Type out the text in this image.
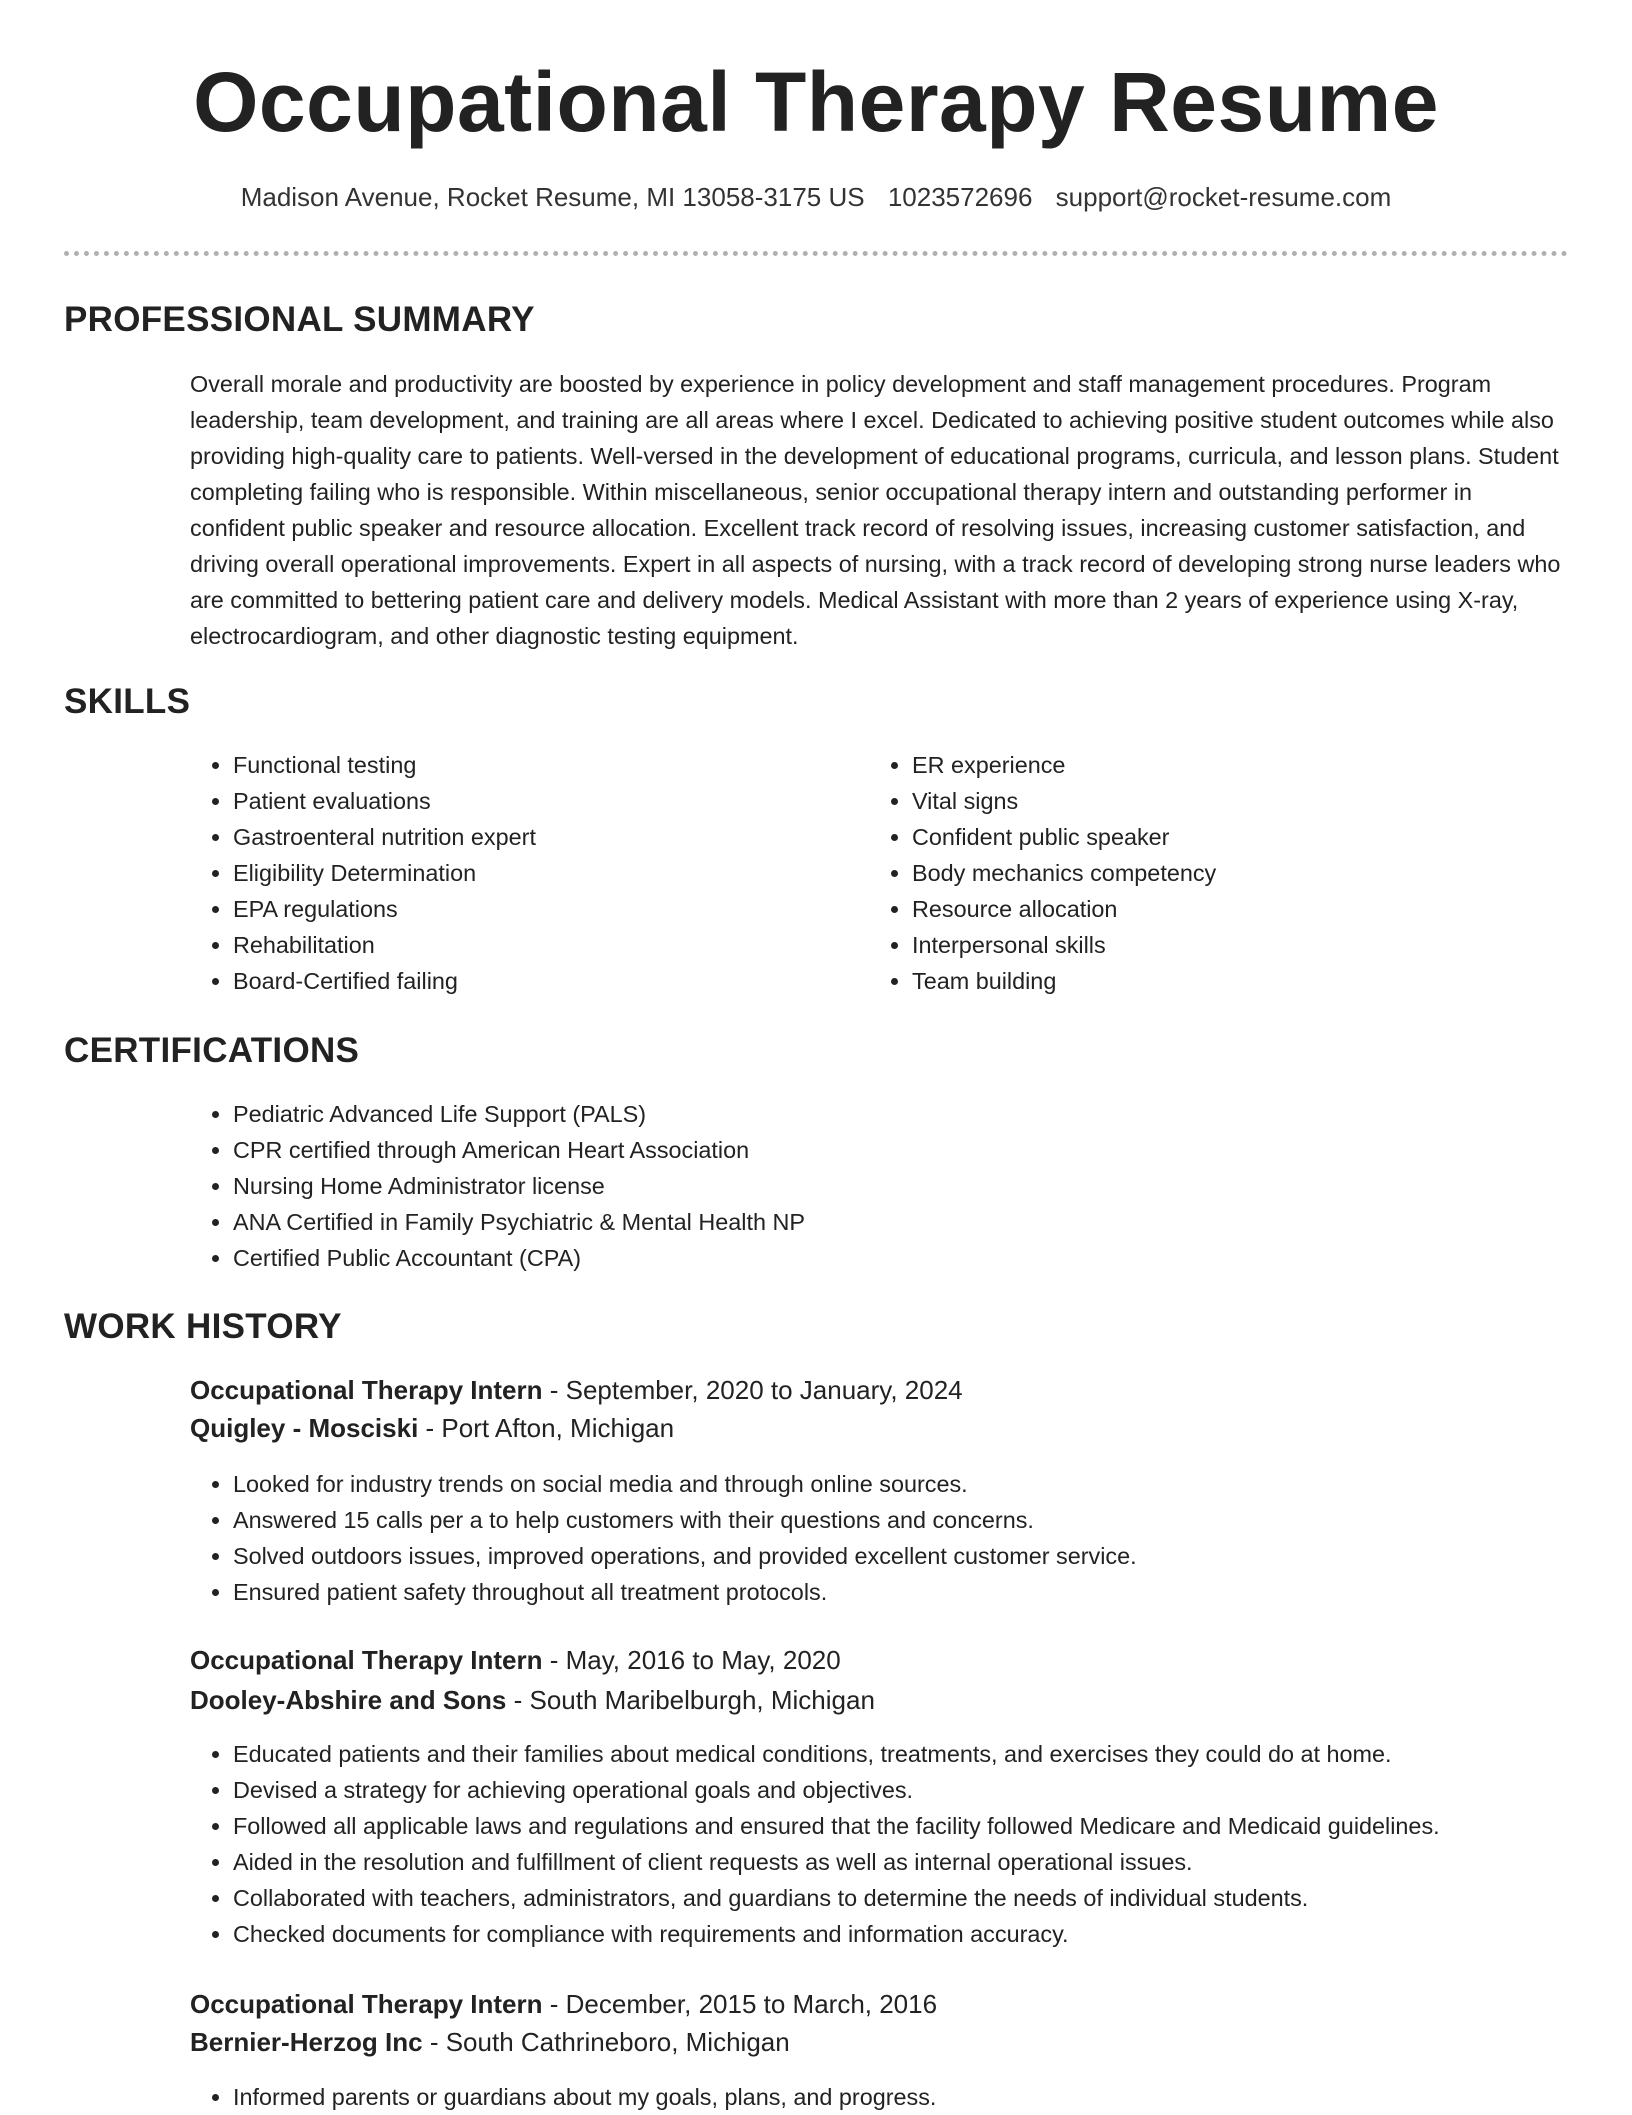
Occupational Therapy Resume
Madison Avenue, Rocket Resume, MI 13058-3175 US 1023572696 support@rocket-resume.com
PROFESSIONAL SUMMARY

Overall morale and productivity are boosted by experience in policy development and staff management procedures. Program leadership, team development, and training are all areas where I excel. Dedicated to achieving positive student outcomes while also providing high-quality care to patients. Well-versed in the development of educational programs, curricula, and lesson plans. Student completing failing who is responsible. Within miscellaneous, senior occupational therapy intern and outstanding performer in confident public speaker and resource allocation. Excellent track record of resolving issues, increasing customer satisfaction, and driving overall operational improvements. Expert in all aspects of nursing, with a track record of developing strong nurse leaders who are committed to bettering patient care and delivery models. Medical Assistant with more than 2 years of experience using X-ray, electrocardiogram, and other diagnostic testing equipment.

SKILLS
• Functional testing
• Patient evaluations
• Gastroenteral nutrition expert
• Eligibility Determination
• EPA regulations
• Rehabilitation
• Board-Certified failing
• ER experience
• Vital signs
• Confident public speaker
• Body mechanics competency
• Resource allocation
• Interpersonal skills
• Team building
CERTIFICATIONS
• Pediatric Advanced Life Support (PALS)
• CPR certified through American Heart Association
• Nursing Home Administrator license
• ANA Certified in Family Psychiatric & Mental Health NP
• Certified Public Accountant (CPA)
WORK HISTORY
Occupational Therapy Intern - September, 2020 to January, 2024
Quigley - Mosciski - Port Afton, Michigan
• Looked for industry trends on social media and through online sources.
• Answered 15 calls per a to help customers with their questions and concerns.
• Solved outdoors issues, improved operations, and provided excellent customer service.
• Ensured patient safety throughout all treatment protocols.
Occupational Therapy Intern - May, 2016 to May, 2020
Dooley-Abshire and Sons - South Maribelburgh, Michigan
• Educated patients and their families about medical conditions, treatments, and exercises they could do at home.
• Devised a strategy for achieving operational goals and objectives.
• Followed all applicable laws and regulations and ensured that the facility followed Medicare and Medicaid guidelines.
• Aided in the resolution and fulfillment of client requests as well as internal operational issues.
• Collaborated with teachers, administrators, and guardians to determine the needs of individual students.
• Checked documents for compliance with requirements and information accuracy.
Occupational Therapy Intern - December, 2015 to March, 2016
Bernier-Herzog Inc - South Cathrineboro, Michigan
• Informed parents or guardians about my goals, plans, and progress.
